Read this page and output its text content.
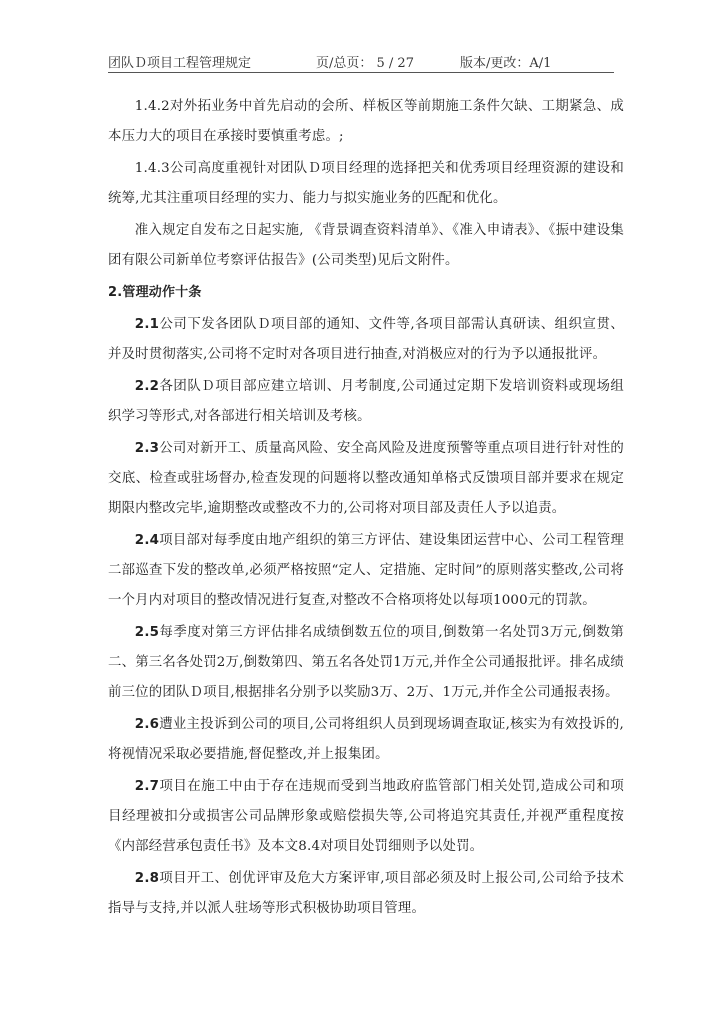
团队Ｄ项目工程管理规定	页/总页： 5 / 27	版本/更改：A/1

1.4.2对外拓业务中首先启动的会所、样板区等前期施工条件欠缺、工期紧急、成本压力大的项目在承接时要慎重考虑。;

1.4.3公司高度重视针对团队Ｄ项目经理的选择把关和优秀项目经理资源的建设和统筹,尤其注重项目经理的实力、能力与拟实施业务的匹配和优化。

准入规定自发布之日起实施, 《背景调查资料清单》、《准入申请表》、《振中建设集团有限公司新单位考察评估报告》(公司类型)见后文附件。

2.管理动作十条

2.1公司下发各团队Ｄ项目部的通知、文件等,各项目部需认真研读、组织宣贯、并及时贯彻落实,公司将不定时对各项目进行抽查,对消极应对的行为予以通报批评。

2.2各团队Ｄ项目部应建立培训、月考制度,公司通过定期下发培训资料或现场组织学习等形式,对各部进行相关培训及考核。

2.3公司对新开工、质量高风险、安全高风险及进度预警等重点项目进行针对性的交底、检查或驻场督办,检查发现的问题将以整改通知单格式反馈项目部并要求在规定期限内整改完毕,逾期整改或整改不力的,公司将对项目部及责任人予以追责。

2.4项目部对每季度由地产组织的第三方评估、建设集团运营中心、公司工程管理二部巡查下发的整改单,必须严格按照“定人、定措施、定时间”的原则落实整改,公司将一个月内对项目的整改情况进行复查,对整改不合格项将处以每项1000元的罚款。

2.5每季度对第三方评估排名成绩倒数五位的项目,倒数第一名处罚3万元,倒数第二、第三名各处罚2万,倒数第四、第五名各处罚1万元,并作全公司通报批评。排名成绩前三位的团队Ｄ项目,根据排名分别予以奖励3万、2万、1万元,并作全公司通报表扬。

2.6遭业主投诉到公司的项目,公司将组织人员到现场调查取证,核实为有效投诉的,将视情况采取必要措施,督促整改,并上报集团。

2.7项目在施工中由于存在违规而受到当地政府监管部门相关处罚,造成公司和项目经理被扣分或损害公司品牌形象或赔偿损失等,公司将追究其责任,并视严重程度按《内部经营承包责任书》及本文8.4对项目处罚细则予以处罚。

2.8项目开工、创优评审及危大方案评审,项目部必须及时上报公司,公司给予技术指导与支持,并以派人驻场等形式积极协助项目管理。
